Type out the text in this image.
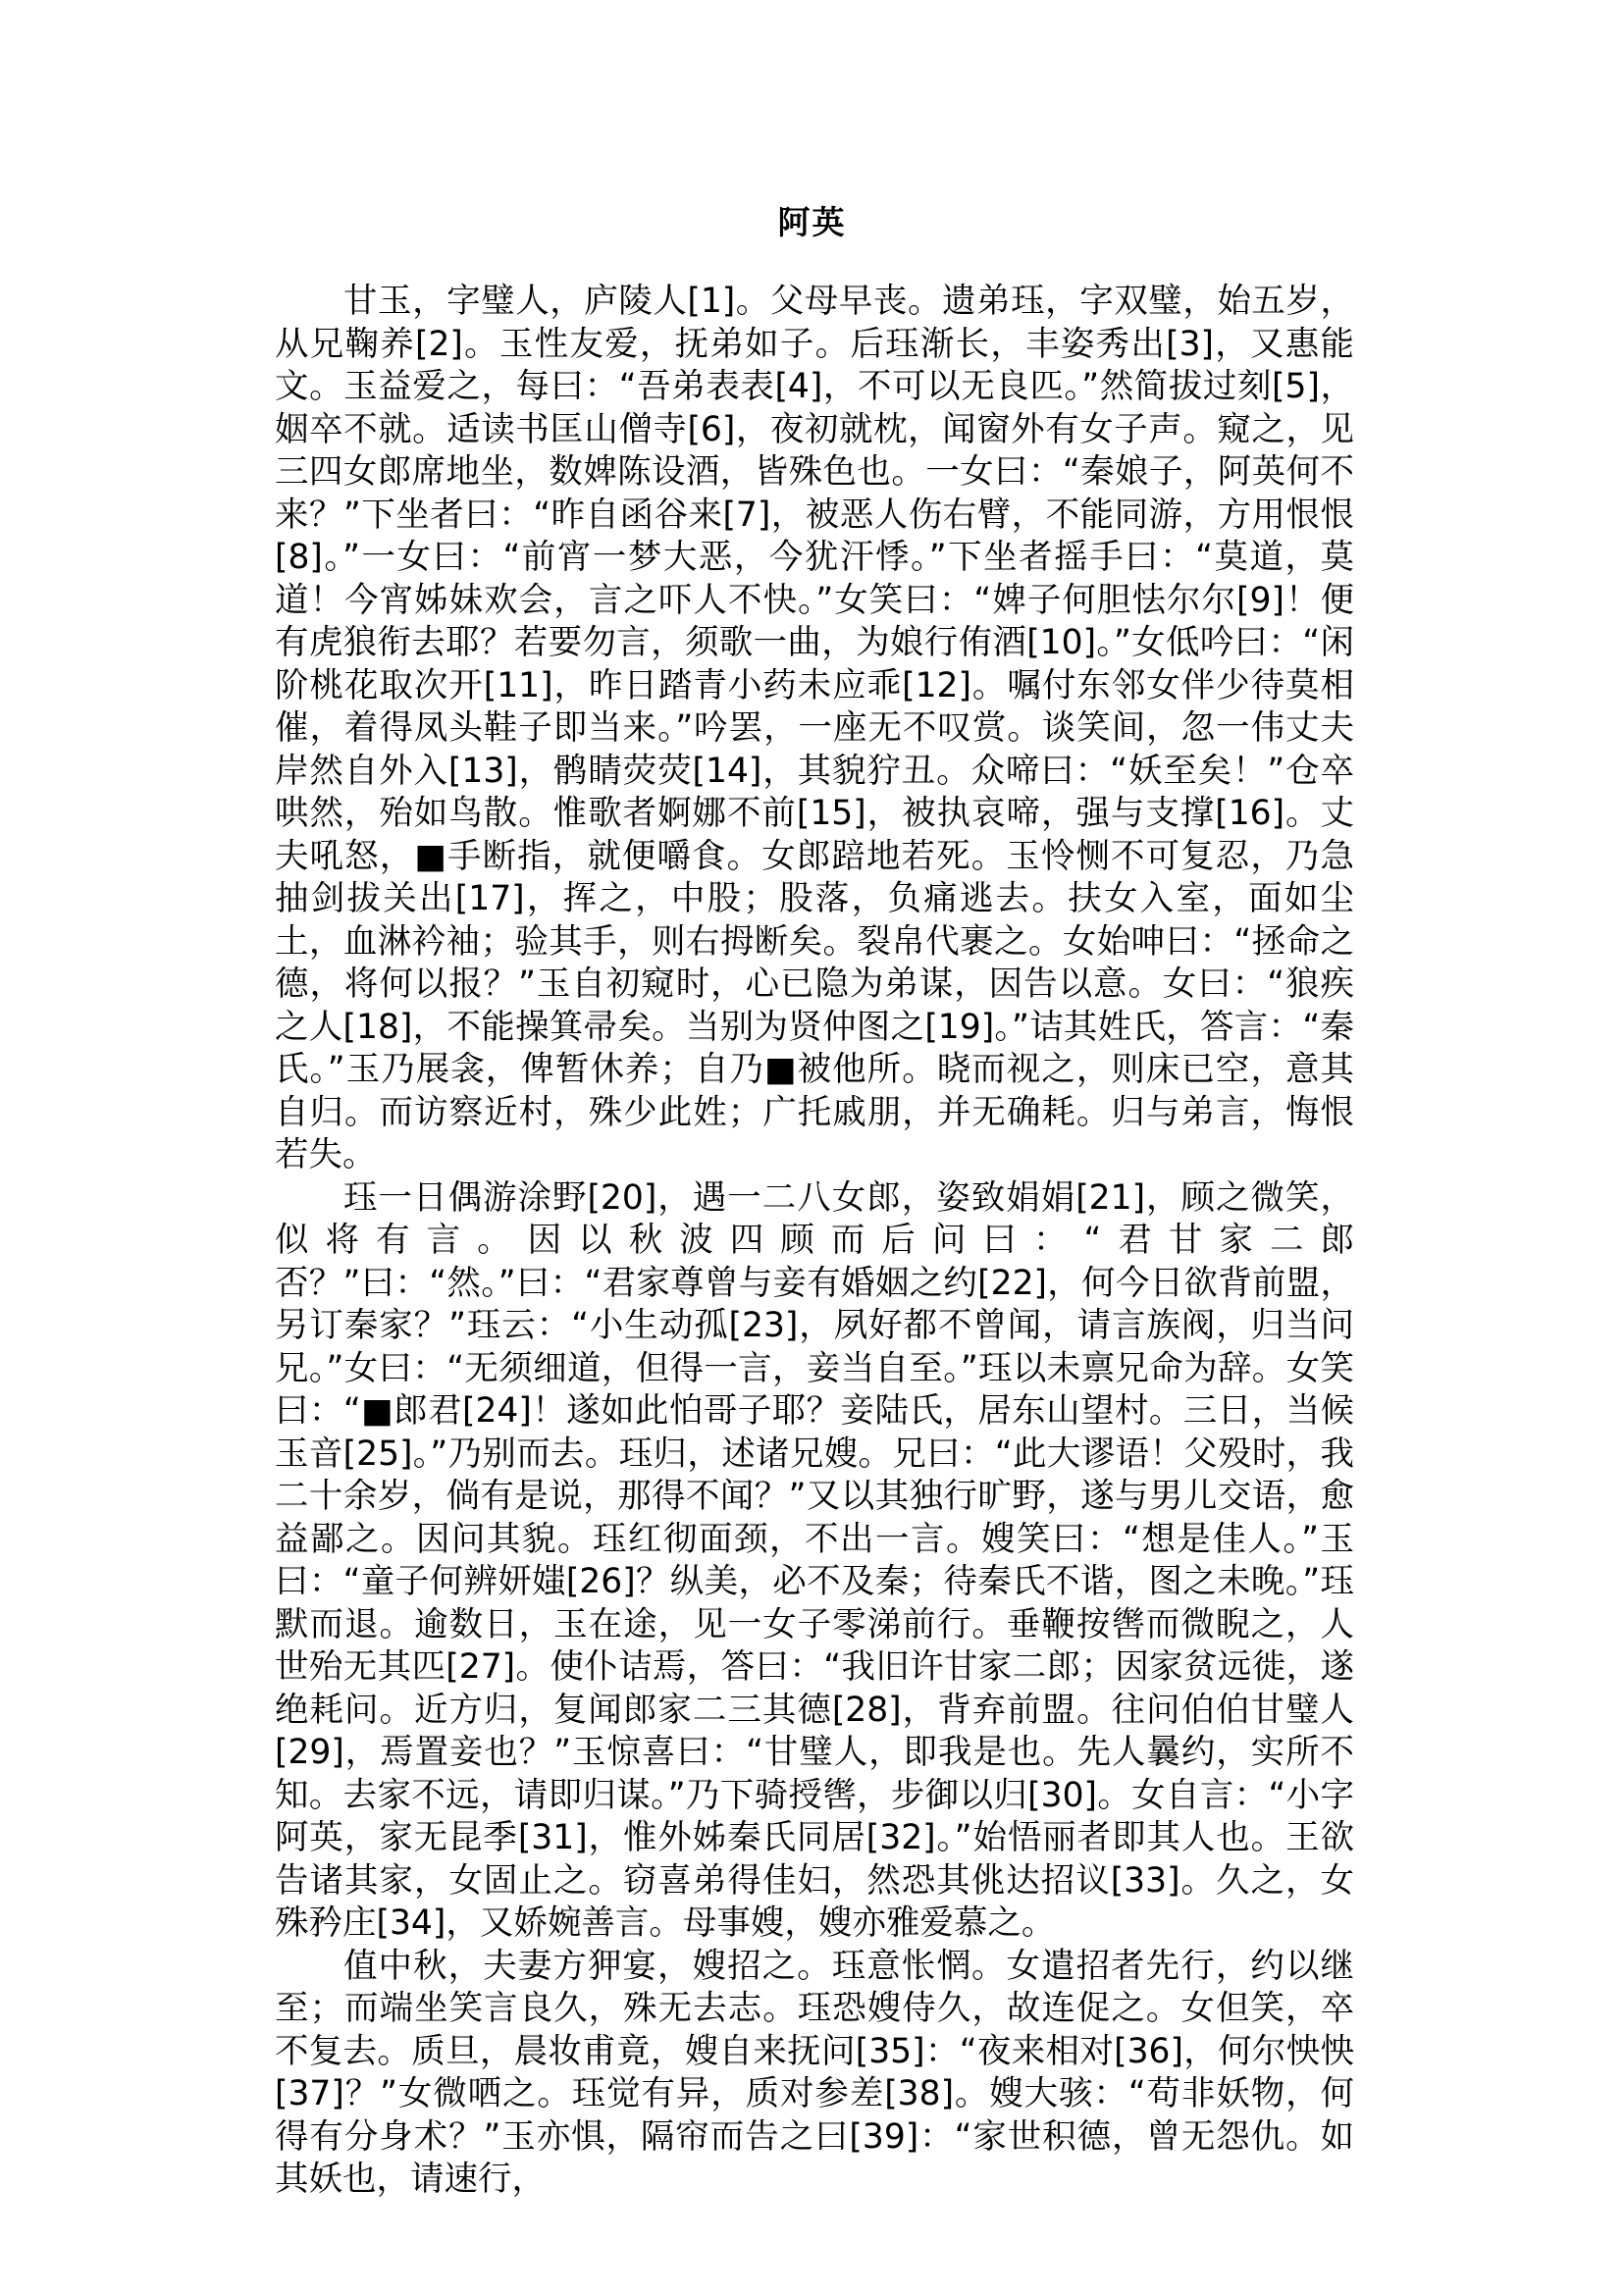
阿英

甘玉，字璧人，庐陵人[1]。父母早丧。遗弟珏，字双璧，始五岁，从兄鞠养[2]。玉性友爱，抚弟如子。后珏渐长，丰姿秀出[3]，又惠能文。玉益爱之，每曰：“吾弟表表[4]，不可以无良匹。”然简拔过刻[5]，姻卒不就。适读书匡山僧寺[6]，夜初就枕，闻窗外有女子声。窥之，见三四女郎席地坐，数婢陈设酒，皆殊色也。一女曰：“秦娘子，阿英何不来？”下坐者曰：“昨自函谷来[7]，被恶人伤右臂，不能同游，方用恨恨[8]。”一女曰：“前宵一梦大恶，今犹汗悸。”下坐者摇手曰：“莫道，莫道！今宵姊妹欢会，言之吓人不快。”女笑曰：“婢子何胆怯尔尔[9]！便有虎狼衔去耶？若要勿言，须歌一曲，为娘行侑酒[10]。”女低吟曰：“闲阶桃花取次开[11]，昨日踏青小药未应乖[12]。嘱付东邻女伴少待莫相催，着得凤头鞋子即当来。”吟罢，一座无不叹赏。谈笑间，忽一伟丈夫岸然自外入[13]，鹘睛荧荧[14]，其貌狞丑。众啼曰：“妖至矣！”仓卒哄然，殆如鸟散。惟歌者婀娜不前[15]，被执哀啼，强与支撑[16]。丈夫吼怒，■手断指，就便嚼食。女郎踣地若死。玉怜恻不可复忍，乃急抽剑拔关出[17]，挥之，中股；股落，负痛逃去。扶女入室，面如尘土，血淋衿袖；验其手，则右拇断矣。裂帛代裹之。女始呻曰：“拯命之德，将何以报？”玉自初窥时，心已隐为弟谋，因告以意。女曰：“狼疾之人[18]，不能操箕帚矣。当别为贤仲图之[19]。”诘其姓氏，答言：“秦氏。”玉乃展衾，俾暂休养；自乃■被他所。晓而视之，则床已空，意其自归。而访察近村，殊少此姓；广托戚朋，并无确耗。归与弟言，悔恨若失。

珏一日偶游涂野[20]，遇一二八女郎，姿致娟娟[21]，顾之微笑，似将有言。因以秋波四顾而后问曰：“君甘家二郎否？”曰：“然。”曰：“君家尊曾与妾有婚姻之约[22]，何今日欲背前盟，另订秦家？”珏云：“小生动孤[23]，夙好都不曾闻，请言族阀，归当问兄。”女曰：“无须细道，但得一言，妾当自至。”珏以未禀兄命为辞。女笑曰：“■郎君[24]！遂如此怕哥子耶？妾陆氏，居东山望村。三日，当候玉音[25]。”乃别而去。珏归，述诸兄嫂。兄曰：“此大谬语！父殁时，我二十余岁，倘有是说，那得不闻？”又以其独行旷野，遂与男儿交语，愈益鄙之。因问其貌。珏红彻面颈，不出一言。嫂笑曰：“想是佳人。”玉曰：“童子何辨妍媸[26]？纵美，必不及秦；待秦氏不谐，图之未晚。”珏默而退。逾数日，玉在途，见一女子零涕前行。垂鞭按辔而微睨之，人世殆无其匹[27]。使仆诘焉，答曰：“我旧许甘家二郎；因家贫远徙，遂绝耗问。近方归，复闻郎家二三其德[28]，背弃前盟。往问伯伯甘璧人[29]，焉置妾也？”玉惊喜曰：“甘璧人，即我是也。先人曩约，实所不知。去家不远，请即归谋。”乃下骑授辔，步御以归[30]。女自言：“小字阿英，家无昆季[31]，惟外姊秦氏同居[32]。”始悟丽者即其人也。王欲告诸其家，女固止之。窃喜弟得佳妇，然恐其佻达招议[33]。久之，女殊矜庄[34]，又娇婉善言。母事嫂，嫂亦雅爱慕之。

值中秋，夫妻方狎宴，嫂招之。珏意怅惘。女遣招者先行，约以继至；而端坐笑言良久，殊无去志。珏恐嫂侍久，故连促之。女但笑，卒不复去。质旦，晨妆甫竟，嫂自来抚问[35]：“夜来相对[36]，何尔怏怏[37]？”女微哂之。珏觉有异，质对参差[38]。嫂大骇：“苟非妖物，何得有分身术？”玉亦惧，隔帘而告之曰[39]：“家世积德，曾无怨仇。如其妖也，请速行，
